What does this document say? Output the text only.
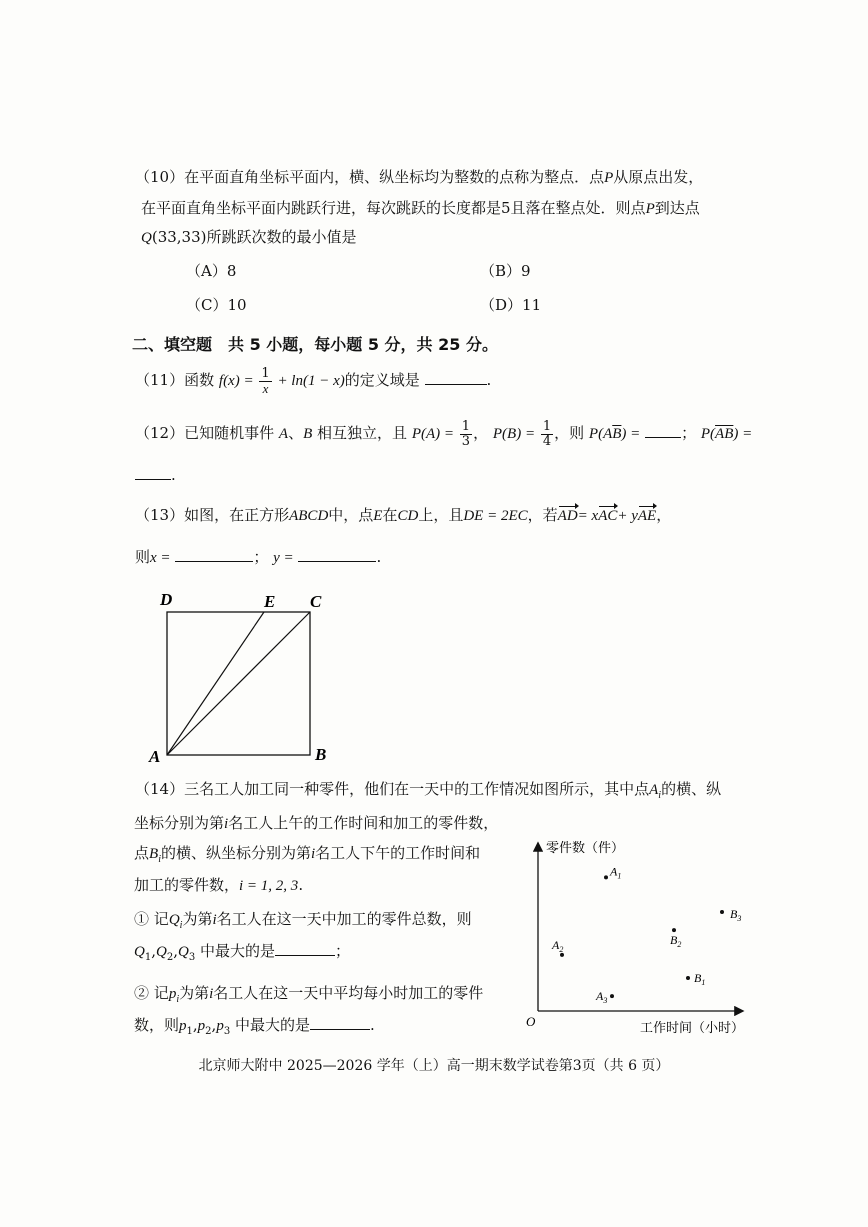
（10）在平面直角坐标平面内，横、纵坐标均为整数的点称为整点．点P从原点出发，
在平面直角坐标平面内跳跃行进，每次跳跃的长度都是5且落在整点处．则点P到达点
Q(33,33)所跳跃次数的最小值是
（A）8	（B）9
（C）10	（D）11
二、填空题　共 5 小题，每小题 5 分，共 25 分。
（11）函数 $f(x) = \frac{1}{x} + \ln(1 - x)$的定义域是	.
（12）已知随机事件 A、B 相互独立，且 $P(A) = \frac{1}{3}$ ， $P(B) = \frac{1}{4}$ ，则 $P(A\overline{B})$ =	； $P(\overline{AB})$ =
.
（13）如图，在正方形ABCD中，点E在CD上，且DE = 2EC，若AD= xAC+ yAE，
则x =	； y =	.
D	E C
A	B
（14）三名工人加工同一种零件，他们在一天中的工作情况如图所示，其中点$A_i$的横、纵
坐标分别为第i名工人上午的工作时间和加工的零件数，
点$B_i$的横、纵坐标分别为第i名工人下午的工作时间和
加工的零件数，i = 1, 2, 3.
① 记$Q_i$为第i名工人在这一天中加工的零件总数，则
$Q_1,Q_2,Q_3$ 中最大的是	；
② 记$p_i$为第i名工人在这一天中平均每小时加工的零件
数，则$p_1,p_2,p_3$ 中最大的是	.
零件数（件）
工作时间（小时）
O
$A_1$
$A_2$
$A_3$
$B_1$
$B_2$
$B_3$
北京师大附中 2025—2026 学年（上）高一期末数学试卷第3页（共 6 页）
